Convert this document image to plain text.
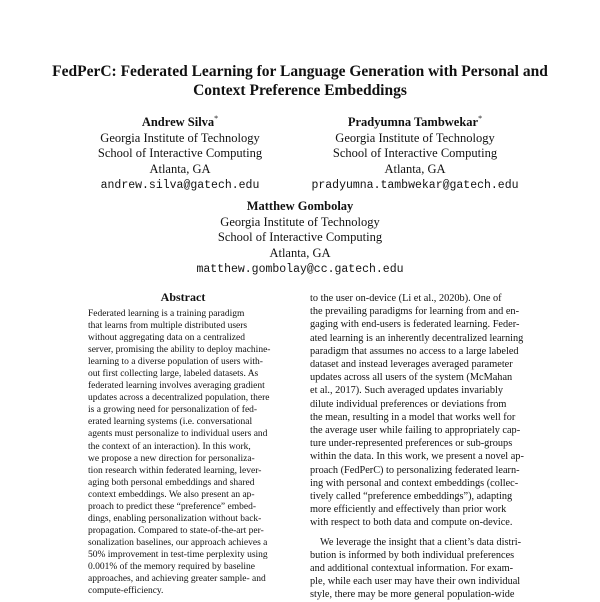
FedPerC: Federated Learning for Language Generation with Personal and
Context Preference Embeddings
Andrew Silva*
Georgia Institute of Technology
School of Interactive Computing
Atlanta, GA
andrew.silva@gatech.edu
Pradyumna Tambwekar*
Georgia Institute of Technology
School of Interactive Computing
Atlanta, GA
pradyumna.tambwekar@gatech.edu
Matthew Gombolay
Georgia Institute of Technology
School of Interactive Computing
Atlanta, GA
matthew.gombolay@cc.gatech.edu
Abstract
Federated learning is a training paradigm
that learns from multiple distributed users
without aggregating data on a centralized
server, promising the ability to deploy machine-
learning to a diverse population of users with-
out first collecting large, labeled datasets. As
federated learning involves averaging gradient
updates across a decentralized population, there
is a growing need for personalization of fed-
erated learning systems (i.e. conversational
agents must personalize to individual users and
the context of an interaction). In this work,
we propose a new direction for personaliza-
tion research within federated learning, lever-
aging both personal embeddings and shared
context embeddings. We also present an ap-
proach to predict these “preference” embed-
dings, enabling personalization without back-
propagation. Compared to state-of-the-art per-
sonalization baselines, our approach achieves a
50% improvement in test-time perplexity using
0.001% of the memory required by baseline
approaches, and achieving greater sample- and
compute-efficiency.
to the user on-device (Li et al., 2020b). One of
the prevailing paradigms for learning from and en-
gaging with end-users is federated learning. Feder-
ated learning is an inherently decentralized learning
paradigm that assumes no access to a large labeled
dataset and instead leverages averaged parameter
updates across all users of the system (McMahan
et al., 2017). Such averaged updates invariably
dilute individual preferences or deviations from
the mean, resulting in a model that works well for
the average user while failing to appropriately cap-
ture under-represented preferences or sub-groups
within the data. In this work, we present a novel ap-
proach (FedPerC) to personalizing federated learn-
ing with personal and context embeddings (collec-
tively called “preference embeddings”), adapting
more efficiently and effectively than prior work
with respect to both data and compute on-device.
We leverage the insight that a client’s data distri-
bution is informed by both individual preferences
and additional contextual information. For exam-
ple, while each user may have their own individual
style, there may be more general population-wide
